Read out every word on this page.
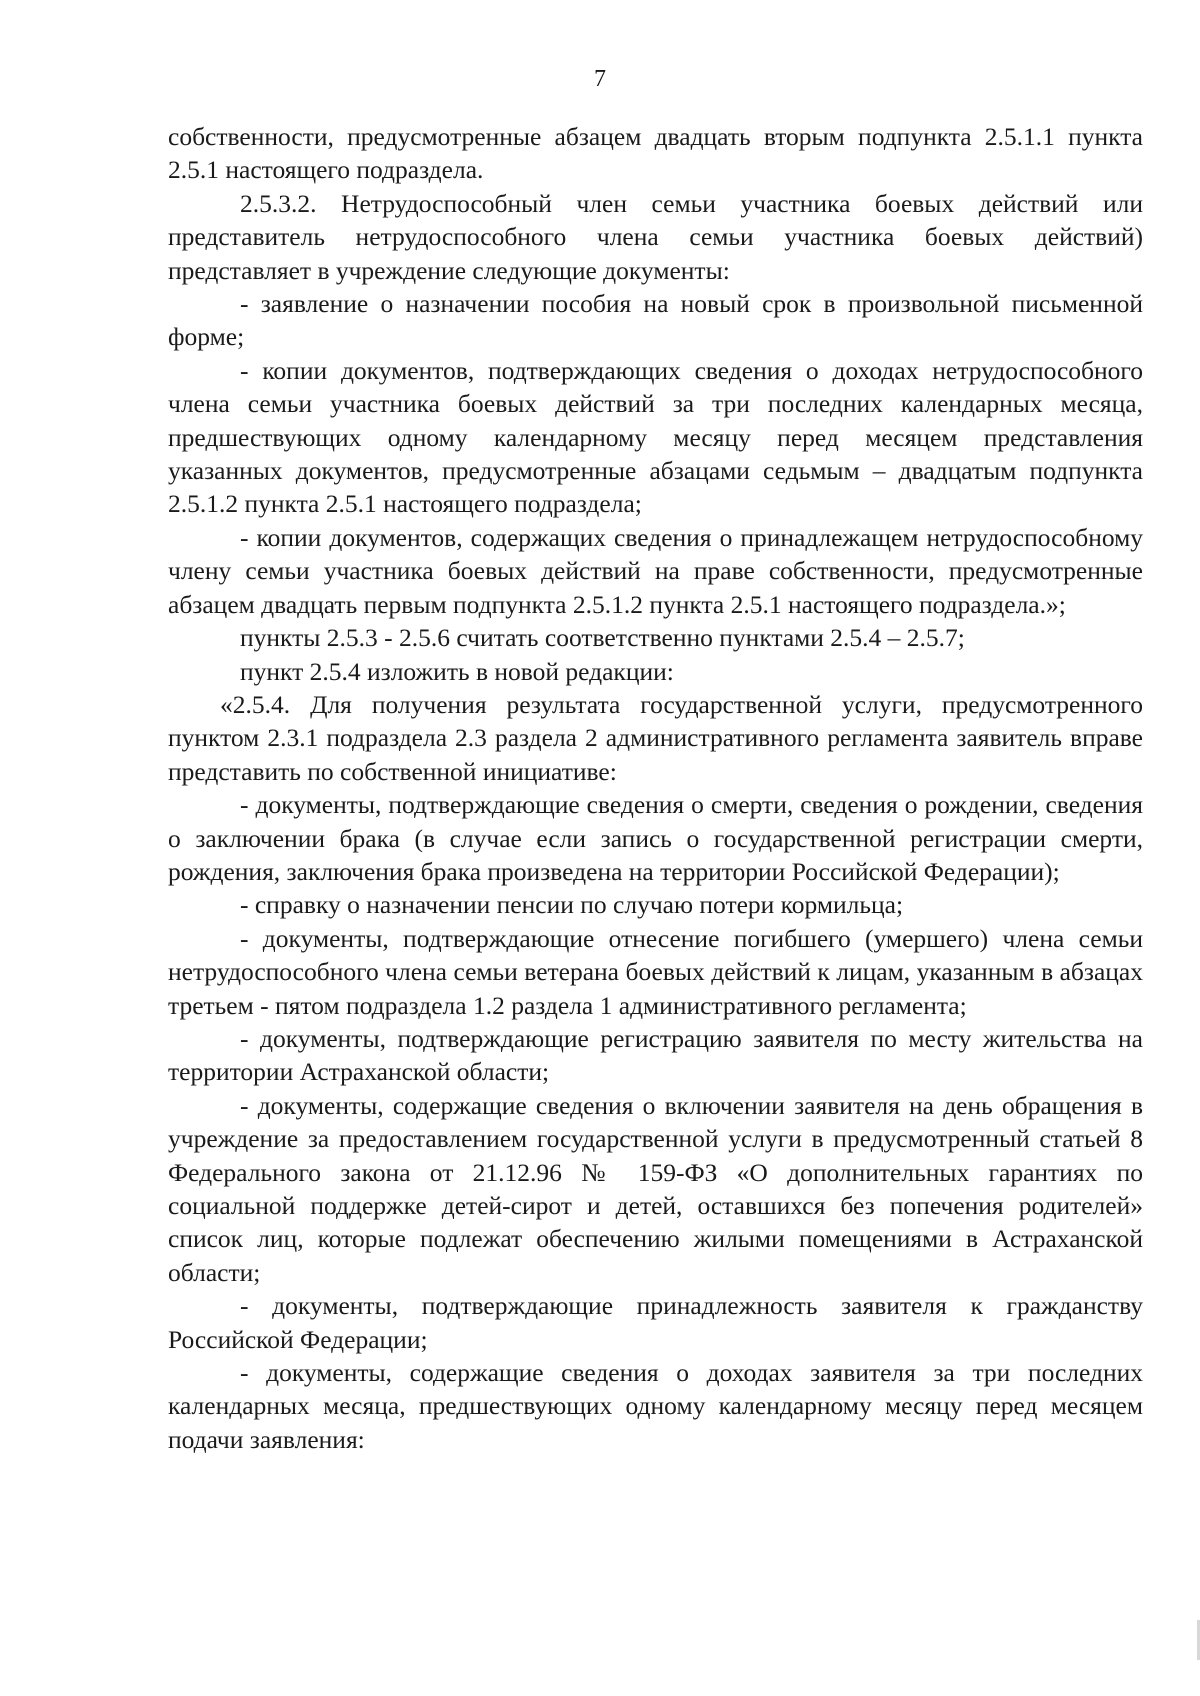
7

собственности, предусмотренные абзацем двадцать вторым подпункта 2.5.1.1 пункта 2.5.1 настоящего подраздела.

2.5.3.2. Нетрудоспособный член семьи участника боевых действий или представитель нетрудоспособного члена семьи участника боевых действий) представляет в учреждение следующие документы:

- заявление о назначении пособия на новый срок в произвольной письменной форме;

- копии документов, подтверждающих сведения о доходах нетрудоспособного члена семьи участника боевых действий за три последних календарных месяца, предшествующих одному календарному месяцу перед месяцем представления указанных документов, предусмотренные абзацами седьмым – двадцатым подпункта 2.5.1.2 пункта 2.5.1 настоящего подраздела;

- копии документов, содержащих сведения о принадлежащем нетрудоспособному члену семьи участника боевых действий на праве собственности, предусмотренные абзацем двадцать первым подпункта 2.5.1.2 пункта 2.5.1 настоящего подраздела.»;

пункты 2.5.3 - 2.5.6 считать соответственно пунктами 2.5.4 – 2.5.7;

пункт 2.5.4 изложить в новой редакции:

«2.5.4. Для получения результата государственной услуги, предусмотренного пунктом 2.3.1 подраздела 2.3 раздела 2 административного регламента заявитель вправе представить по собственной инициативе:

- документы, подтверждающие сведения о смерти, сведения о рождении, сведения о заключении брака (в случае если запись о государственной регистрации смерти, рождения, заключения брака произведена на территории Российской Федерации);

- справку о назначении пенсии по случаю потери кормильца;

- документы, подтверждающие отнесение погибшего (умершего) члена семьи нетрудоспособного члена семьи ветерана боевых действий к лицам, указанным в абзацах третьем - пятом подраздела 1.2 раздела 1 административного регламента;

- документы, подтверждающие регистрацию заявителя по месту жительства на территории Астраханской области;

- документы, содержащие сведения о включении заявителя на день обращения в учреждение за предоставлением государственной услуги в предусмотренный статьей 8 Федерального закона от 21.12.96 № 159-ФЗ «О дополнительных гарантиях по социальной поддержке детей-сирот и детей, оставшихся без попечения родителей» список лиц, которые подлежат обеспечению жилыми помещениями в Астраханской области;

- документы, подтверждающие принадлежность заявителя к гражданству Российской Федерации;

- документы, содержащие сведения о доходах заявителя за три последних календарных месяца, предшествующих одному календарному месяцу перед месяцем подачи заявления:
